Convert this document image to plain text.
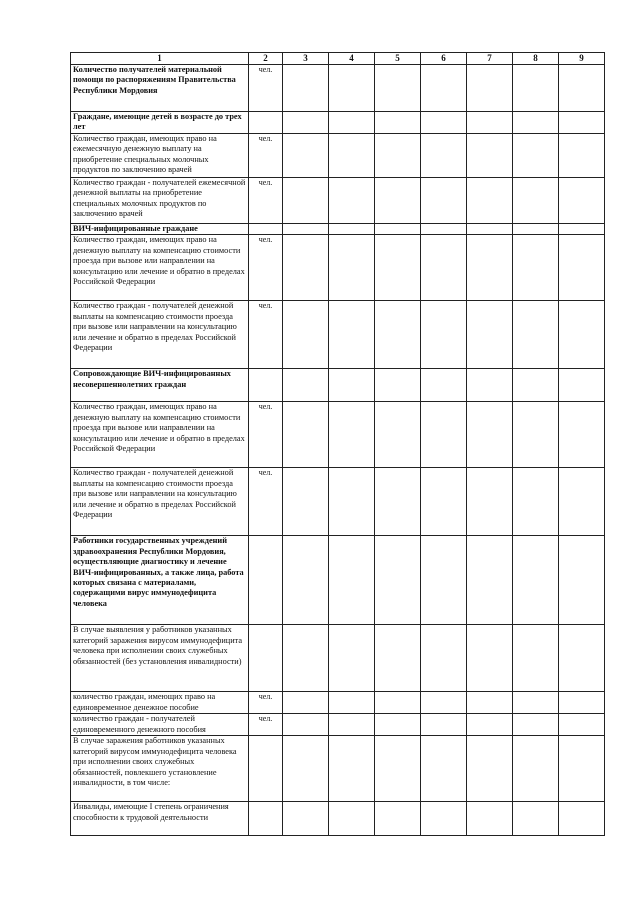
1	2	3	4	5	6	7	8	9
Количество получателей материальной помощи по распоряжениям Правительства Республики Мордовия	чел.							
Граждане, имеющие детей в возрасте до трех лет								
Количество граждан, имеющих право на ежемесячную денежную выплату на приобретение специальных молочных продуктов по заключению врачей	чел.							
Количество граждан - получателей ежемесячной денежной выплаты на приобретение специальных молочных продуктов по заключению врачей	чел.							
ВИЧ-инфицированные граждане								
Количество граждан, имеющих право на денежную выплату на компенсацию стоимости проезда при вызове или направлении на консультацию или лечение и обратно в пределах Российской Федерации	чел.							
Количество граждан - получателей денежной выплаты на компенсацию стоимости проезда при вызове или направлении на консультацию или лечение и обратно в пределах Российской Федерации	чел.							
Сопровождающие ВИЧ-инфицированных несовершеннолетних граждан								
Количество граждан, имеющих право на денежную выплату на компенсацию стоимости проезда при вызове или направлении на консультацию или лечение и обратно в пределах Российской Федерации	чел.							
Количество граждан - получателей денежной выплаты на компенсацию стоимости проезда при вызове или направлении на консультацию или лечение и обратно в пределах Российской Федерации	чел.							
Работники государственных учреждений здравоохранения Республики Мордовия, осуществляющие диагностику и лечение ВИЧ-инфицированных, а также лица, работа которых связана с материалами, содержащими вирус иммунодефицита человека								
В случае выявления у работников указанных категорий заражения вирусом иммунодефицита человека при исполнении своих служебных обязанностей (без установления инвалидности)								
количество граждан, имеющих право на единовременное денежное пособие	чел.							
количество граждан - получателей единовременного денежного пособия	чел.							
В случае заражения работников указанных категорий вирусом иммунодефицита человека при исполнении своих служебных обязанностей, повлекшего установление инвалидности, в том числе:								
Инвалиды, имеющие I степень ограничения способности к трудовой деятельности								
